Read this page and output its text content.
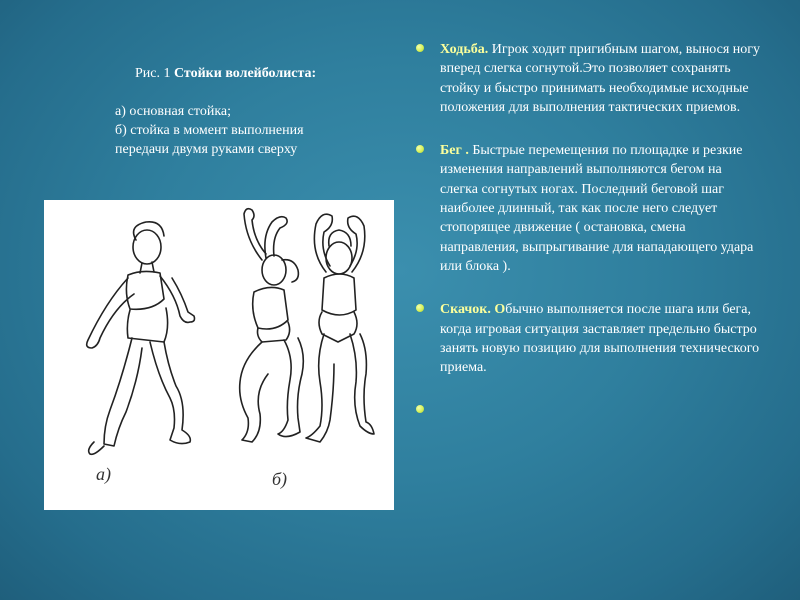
Рис. 1 Стойки волейболиста:

а) основная стойка;

б) стойка в момент выполнения

передачи двумя руками сверху

а)	б)

Ходьба. Игрок ходит пригибным шагом, вынося ногу вперед слегка согнутой.Это позволяет сохранять стойку и быстро принимать необходимые исходные положения для выполнения тактических приемов.

Бег . Быстрые перемещения по площадке и резкие изменения направлений выполняются бегом на слегка согнутых ногах. Последний беговой шаг наиболее длинный, так как после него следует стопорящее движение ( остановка, смена направления, выпрыгивание для нападающего удара или блока ).

Скачок. Обычно выполняется после шага или бега, когда игровая ситуация заставляет предельно быстро занять новую позицию для выполнения технического приема.
